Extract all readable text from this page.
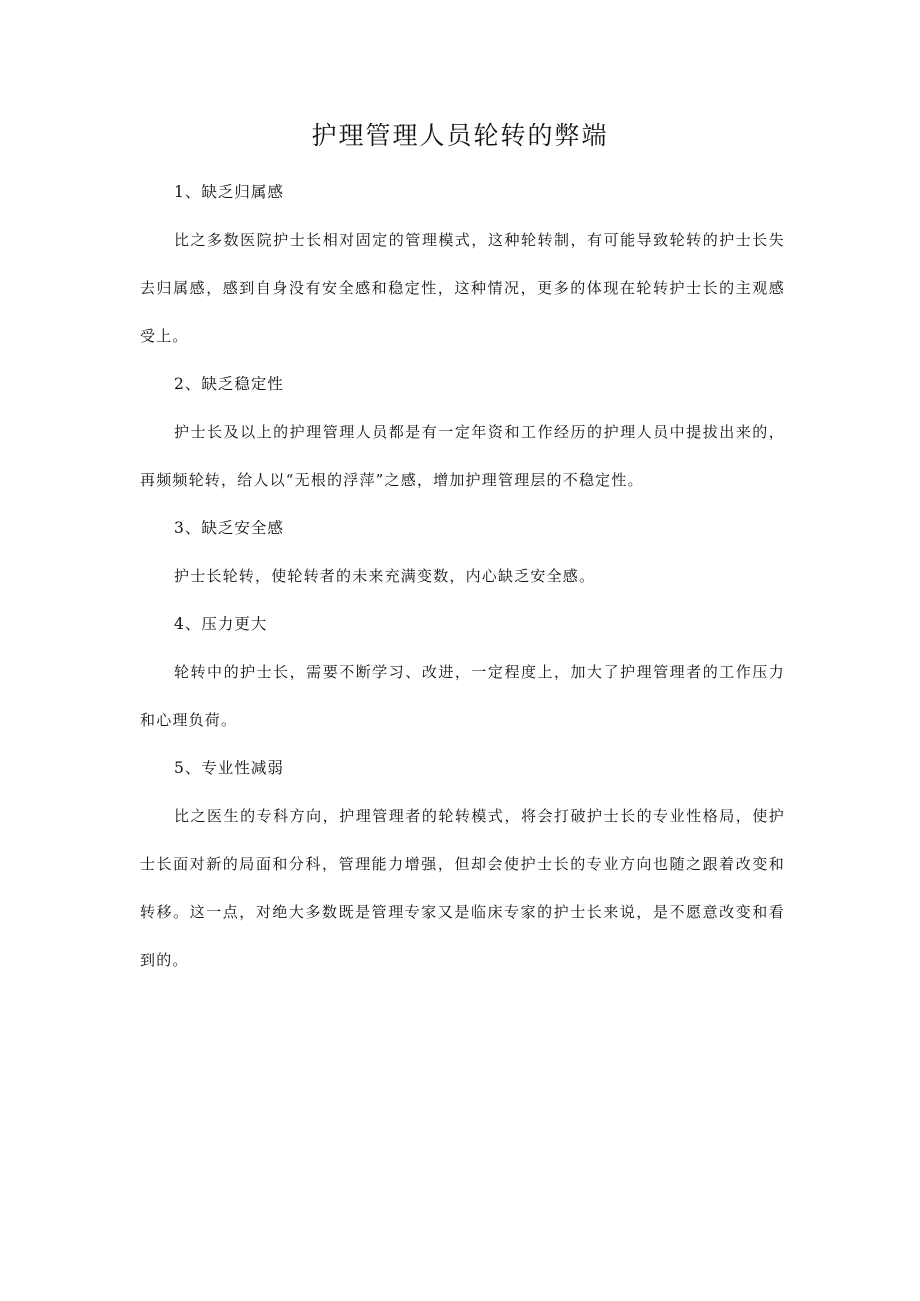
护理管理人员轮转的弊端
1、缺乏归属感

比之多数医院护士长相对固定的管理模式，这种轮转制，有可能导致轮转的护士长失去归属感，感到自身没有安全感和稳定性，这种情况，更多的体现在轮转护士长的主观感受上。

2、缺乏稳定性

护士长及以上的护理管理人员都是有一定年资和工作经历的护理人员中提拔出来的，再频频轮转，给人以“无根的浮萍”之感，增加护理管理层的不稳定性。

3、缺乏安全感

护士长轮转，使轮转者的未来充满变数，内心缺乏安全感。

4、压力更大

轮转中的护士长，需要不断学习、改进，一定程度上，加大了护理管理者的工作压力和心理负荷。

5、专业性减弱

比之医生的专科方向，护理管理者的轮转模式，将会打破护士长的专业性格局，使护士长面对新的局面和分科，管理能力增强，但却会使护士长的专业方向也随之跟着改变和转移。这一点，对绝大多数既是管理专家又是临床专家的护士长来说，是不愿意改变和看到的。
